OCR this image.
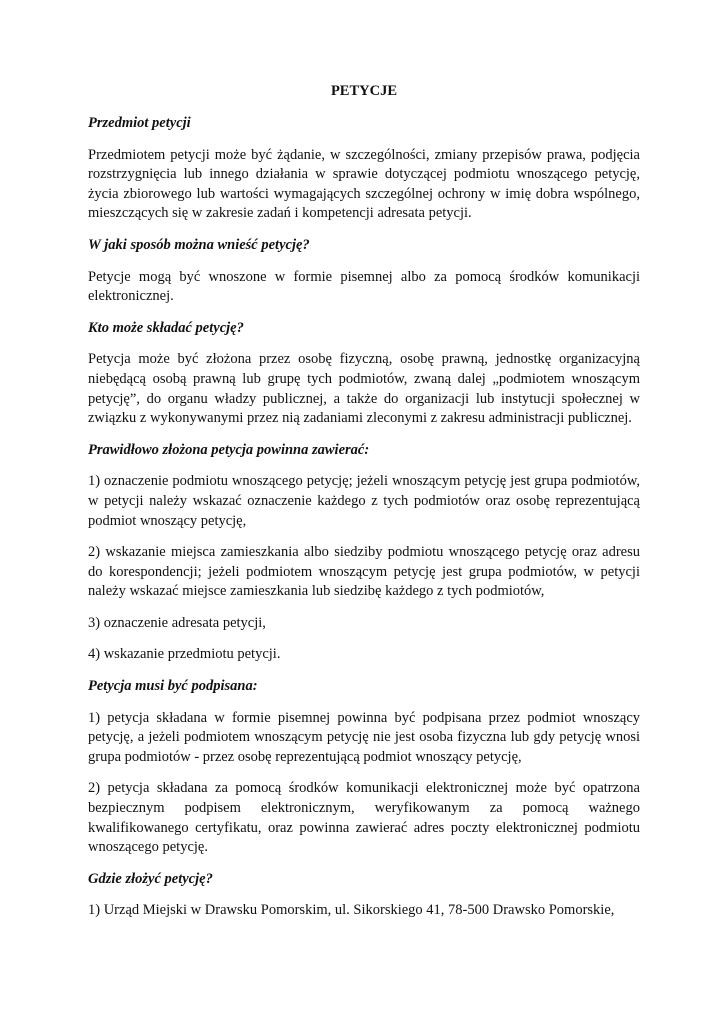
PETYCJE
Przedmiot petycji
Przedmiotem petycji może być żądanie, w szczególności, zmiany przepisów prawa, podjęcia rozstrzygnięcia lub innego działania w sprawie dotyczącej podmiotu wnoszącego petycję, życia zbiorowego lub wartości wymagających szczególnej ochrony w imię dobra wspólnego, mieszczących się w zakresie zadań i kompetencji adresata petycji.
W jaki sposób można wnieść petycję?
Petycje mogą być wnoszone w formie pisemnej albo za pomocą środków komunikacji elektronicznej.
Kto może składać petycję?
Petycja może być złożona przez osobę fizyczną, osobę prawną, jednostkę organizacyjną niebędącą osobą prawną lub grupę tych podmiotów, zwaną dalej „podmiotem wnoszącym petycję”, do organu władzy publicznej, a także do organizacji lub instytucji społecznej w związku z wykonywanymi przez nią zadaniami zleconymi z zakresu administracji publicznej.
Prawidłowo złożona petycja powinna zawierać:
1) oznaczenie podmiotu wnoszącego petycję; jeżeli wnoszącym petycję jest grupa podmiotów, w petycji należy wskazać oznaczenie każdego z tych podmiotów oraz osobę reprezentującą podmiot wnoszący petycję,
2) wskazanie miejsca zamieszkania albo siedziby podmiotu wnoszącego petycję oraz adresu do korespondencji; jeżeli podmiotem wnoszącym petycję jest grupa podmiotów, w petycji należy wskazać miejsce zamieszkania lub siedzibę każdego z tych podmiotów,
3) oznaczenie adresata petycji,
4) wskazanie przedmiotu petycji.
Petycja musi być podpisana:
1) petycja składana w formie pisemnej powinna być podpisana przez podmiot wnoszący petycję, a jeżeli podmiotem wnoszącym petycję nie jest osoba fizyczna lub gdy petycję wnosi grupa podmiotów - przez osobę reprezentującą podmiot wnoszący petycję,
2) petycja składana za pomocą środków komunikacji elektronicznej może być opatrzona bezpiecznym podpisem elektronicznym, weryfikowanym za pomocą ważnego kwalifikowanego certyfikatu, oraz powinna zawierać adres poczty elektronicznej podmiotu wnoszącego petycję.
Gdzie złożyć petycję?
1) Urząd Miejski w Drawsku Pomorskim, ul. Sikorskiego 41, 78-500 Drawsko Pomorskie,
